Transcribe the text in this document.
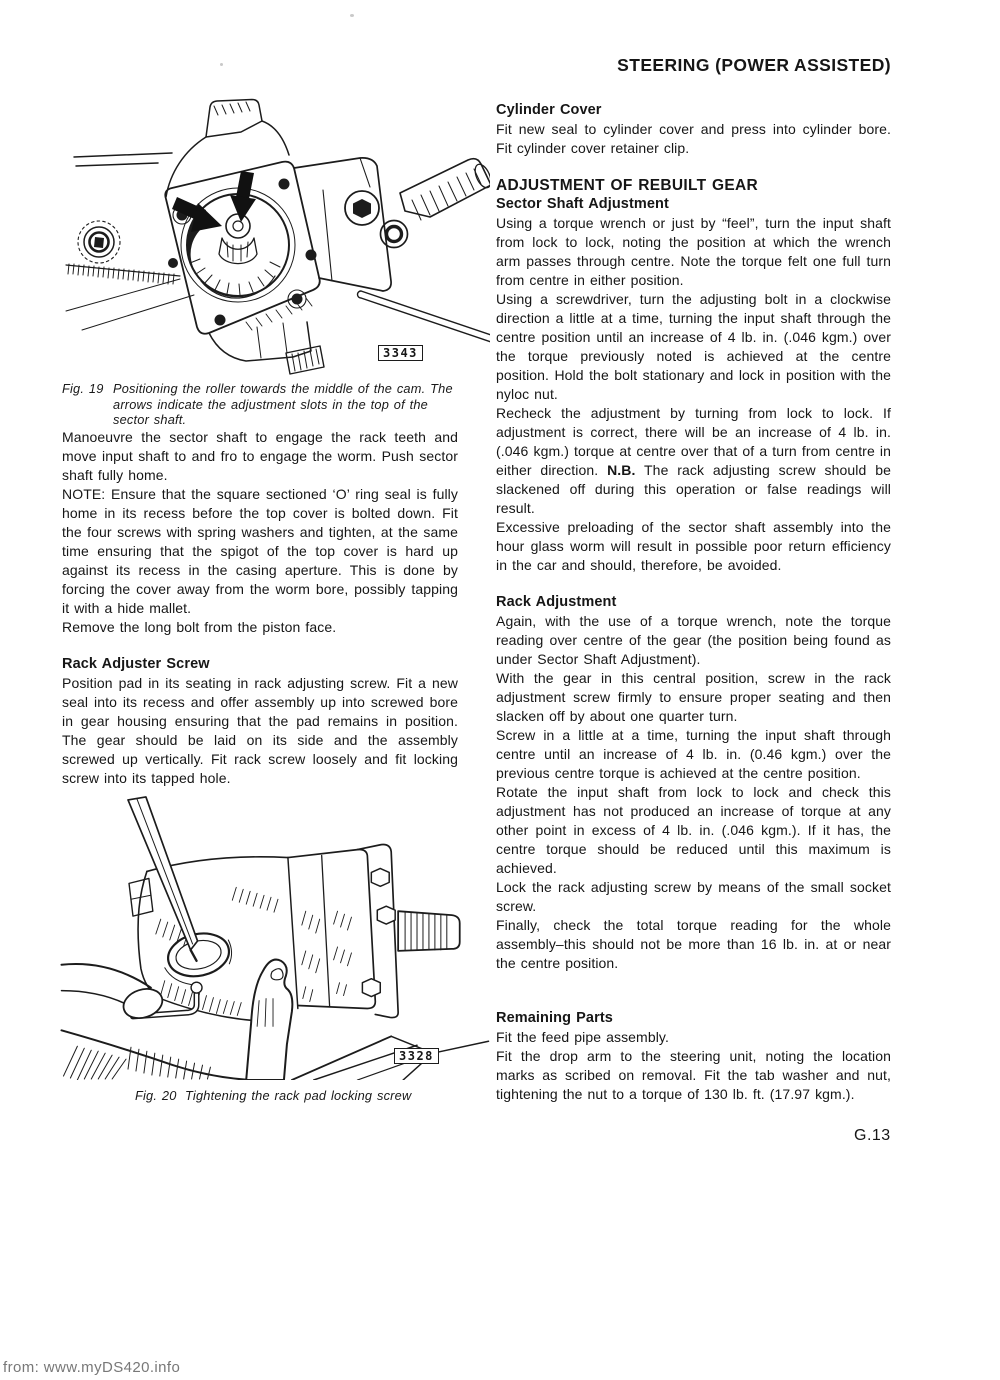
STEERING (POWER ASSISTED)
3343
Fig. 19 Positioning the roller towards the middle of the cam. The arrows indicate the adjustment slots in the top of the sector shaft.

Manoeuvre the sector shaft to engage the rack teeth and move input shaft to and fro to engage the worm. Push sector shaft fully home.

NOTE: Ensure that the square sectioned ‘O’ ring seal is fully home in its recess before the top cover is bolted down. Fit the four screws with spring washers and tighten, at the same time ensuring that the spigot of the top cover is hard up against its recess in the casing aperture. This is done by forcing the cover away from the worm bore, possibly tapping it with a hide mallet.

Remove the long bolt from the piston face.

Rack Adjuster Screw

Position pad in its seating in rack adjusting screw. Fit a new seal into its recess and offer assembly up into screwed bore in gear housing ensuring that the pad remains in position. The gear should be laid on its side and the assembly screwed up vertically. Fit rack screw loosely and fit locking screw into its tapped hole.

3328
Fig. 20 Tightening the rack pad locking screw
Cylinder Cover

Fit new seal to cylinder cover and press into cylinder bore. Fit cylinder cover retainer clip.

ADJUSTMENT OF REBUILT GEAR
Sector Shaft Adjustment

Using a torque wrench or just by “feel”, turn the input shaft from lock to lock, noting the position at which the wrench arm passes through centre. Note the torque felt one full turn from centre in either position.

Using a screwdriver, turn the adjusting bolt in a clockwise direction a little at a time, turning the input shaft through the centre position until an increase of 4 lb. in. (.046 kgm.) over the torque previously noted is achieved at the centre position. Hold the bolt stationary and lock in position with the nyloc nut.

Recheck the adjustment by turning from lock to lock. If adjustment is correct, there will be an increase of 4 lb. in. (.046 kgm.) torque at centre over that of a turn from centre in either direction. N.B. The rack adjusting screw should be slackened off during this operation or false readings will result.

Excessive preloading of the sector shaft assembly into the hour glass worm will result in possible poor return efficiency in the car and should, therefore, be avoided.

Rack Adjustment

Again, with the use of a torque wrench, note the torque reading over centre of the gear (the position being found as under Sector Shaft Adjustment).

With the gear in this central position, screw in the rack adjustment screw firmly to ensure proper seating and then slacken off by about one quarter turn.

Screw in a little at a time, turning the input shaft through centre until an increase of 4 lb. in. (0.46 kgm.) over the previous centre torque is achieved at the centre position.

Rotate the input shaft from lock to lock and check this adjustment has not produced an increase of torque at any other point in excess of 4 lb. in. (.046 kgm.). If it has, the centre torque should be reduced until this maximum is achieved.

Lock the rack adjusting screw by means of the small socket screw.

Finally, check the total torque reading for the whole assembly–this should not be more than 16 lb. in. at or near the centre position.

Remaining Parts

Fit the feed pipe assembly.

Fit the drop arm to the steering unit, noting the location marks as scribed on removal. Fit the tab washer and nut, tightening the nut to a torque of 130 lb. ft. (17.97 kgm.).

G.13
from: www.myDS420.info
